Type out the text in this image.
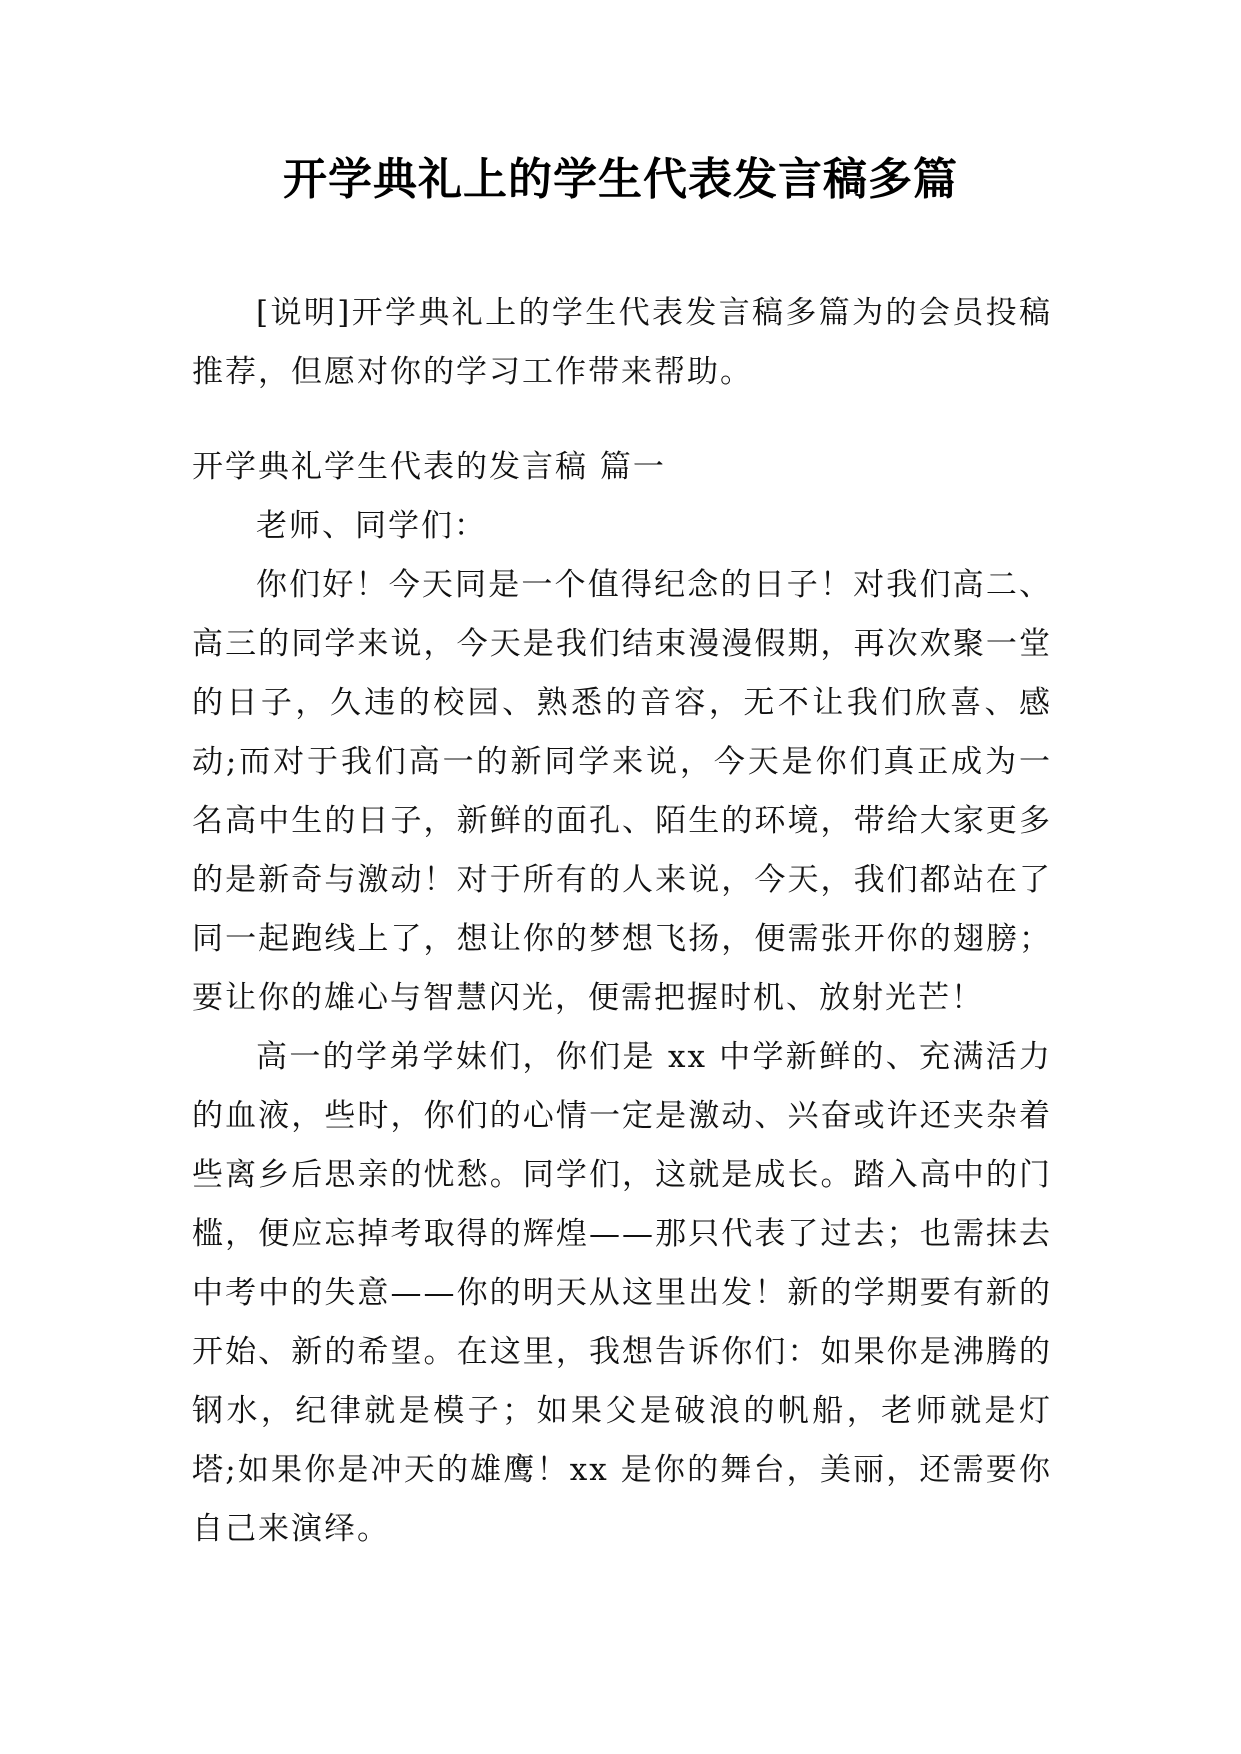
开学典礼上的学生代表发言稿多篇

[说明]开学典礼上的学生代表发言稿多篇为的会员投稿推荐，但愿对你的学习工作带来帮助。

开学典礼学生代表的发言稿 篇一

老师、同学们：

你们好！今天同是一个值得纪念的日子！对我们高二、高三的同学来说，今天是我们结束漫漫假期，再次欢聚一堂的日子，久违的校园、熟悉的音容，无不让我们欣喜、感动;而对于我们高一的新同学来说，今天是你们真正成为一名高中生的日子，新鲜的面孔、陌生的环境，带给大家更多的是新奇与激动！对于所有的人来说，今天，我们都站在了同一起跑线上了，想让你的梦想飞扬，便需张开你的翅膀；要让你的雄心与智慧闪光，便需把握时机、放射光芒！

高一的学弟学妹们，你们是 xx 中学新鲜的、充满活力的血液，些时，你们的心情一定是激动、兴奋或许还夹杂着些离乡后思亲的忧愁。同学们，这就是成长。踏入高中的门槛，便应忘掉考取得的辉煌——那只代表了过去；也需抹去中考中的失意——你的明天从这里出发！新的学期要有新的开始、新的希望。在这里，我想告诉你们：如果你是沸腾的钢水，纪律就是模子；如果父是破浪的帆船，老师就是灯塔;如果你是冲天的雄鹰！xx 是你的舞台，美丽，还需要你自己来演绎。
